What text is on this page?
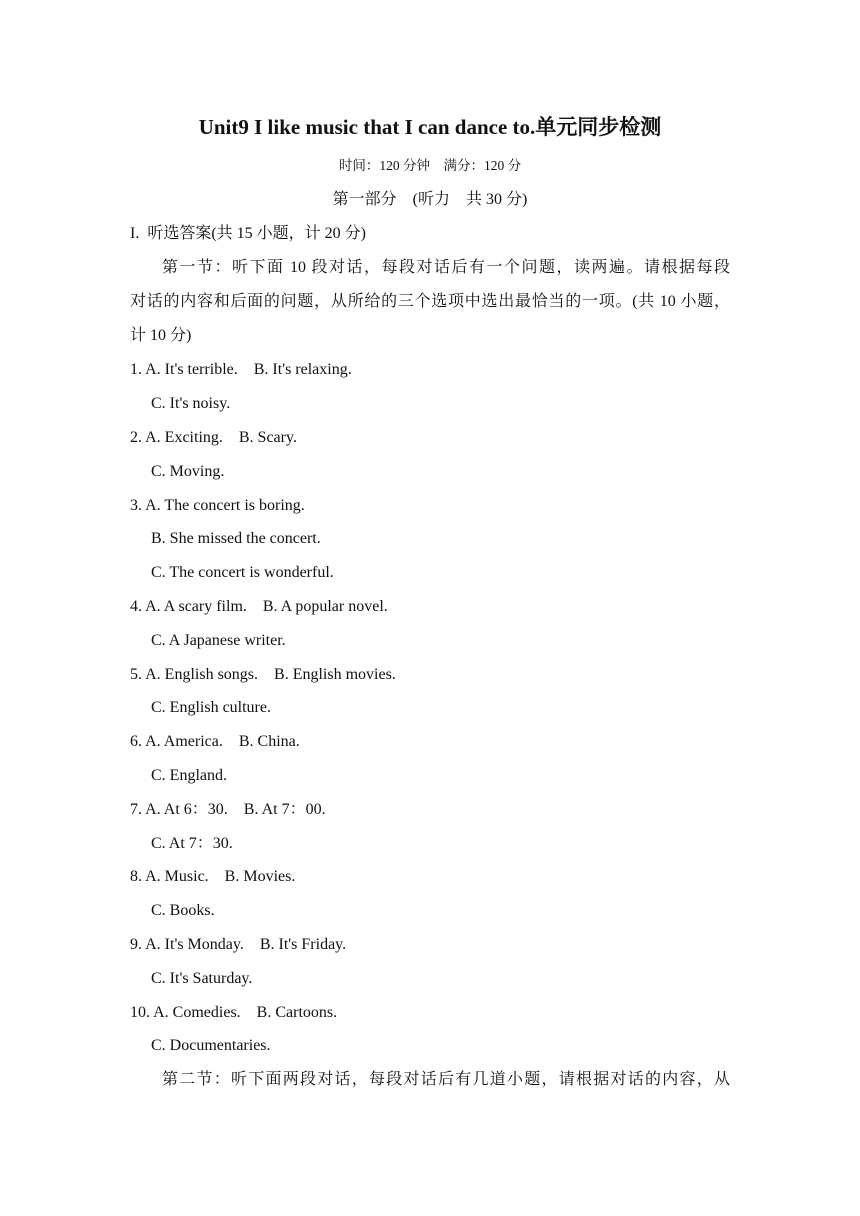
Unit9 I like music that I can dance to.单元同步检测
时间：120 分钟　满分：120 分
第一部分　(听力　共 30 分)
I.  听选答案(共 15 小题，计 20 分)
第一节：听下面 10 段对话，每段对话后有一个问题，读两遍。请根据每段
对话的内容和后面的问题，从所给的三个选项中选出最恰当的一项。(共 10 小题，
计 10 分)
1. A. It's terrible.    B. It's relaxing.
C. It's noisy.
2. A. Exciting.    B. Scary.
C. Moving.
3. A. The concert is boring.
B. She missed the concert.
C. The concert is wonderful.
4. A. A scary film.    B. A popular novel.
C. A Japanese writer.
5. A. English songs.    B. English movies.
C. English culture.
6. A. America.    B. China.
C. England.
7. A. At 6：30.    B. At 7：00.
C. At 7：30.
8. A. Music.    B. Movies.
C. Books.
9. A. It's Monday.    B. It's Friday.
C. It's Saturday.
10. A. Comedies.    B. Cartoons.
C. Documentaries.
第二节：听下面两段对话，每段对话后有几道小题，请根据对话的内容，从
